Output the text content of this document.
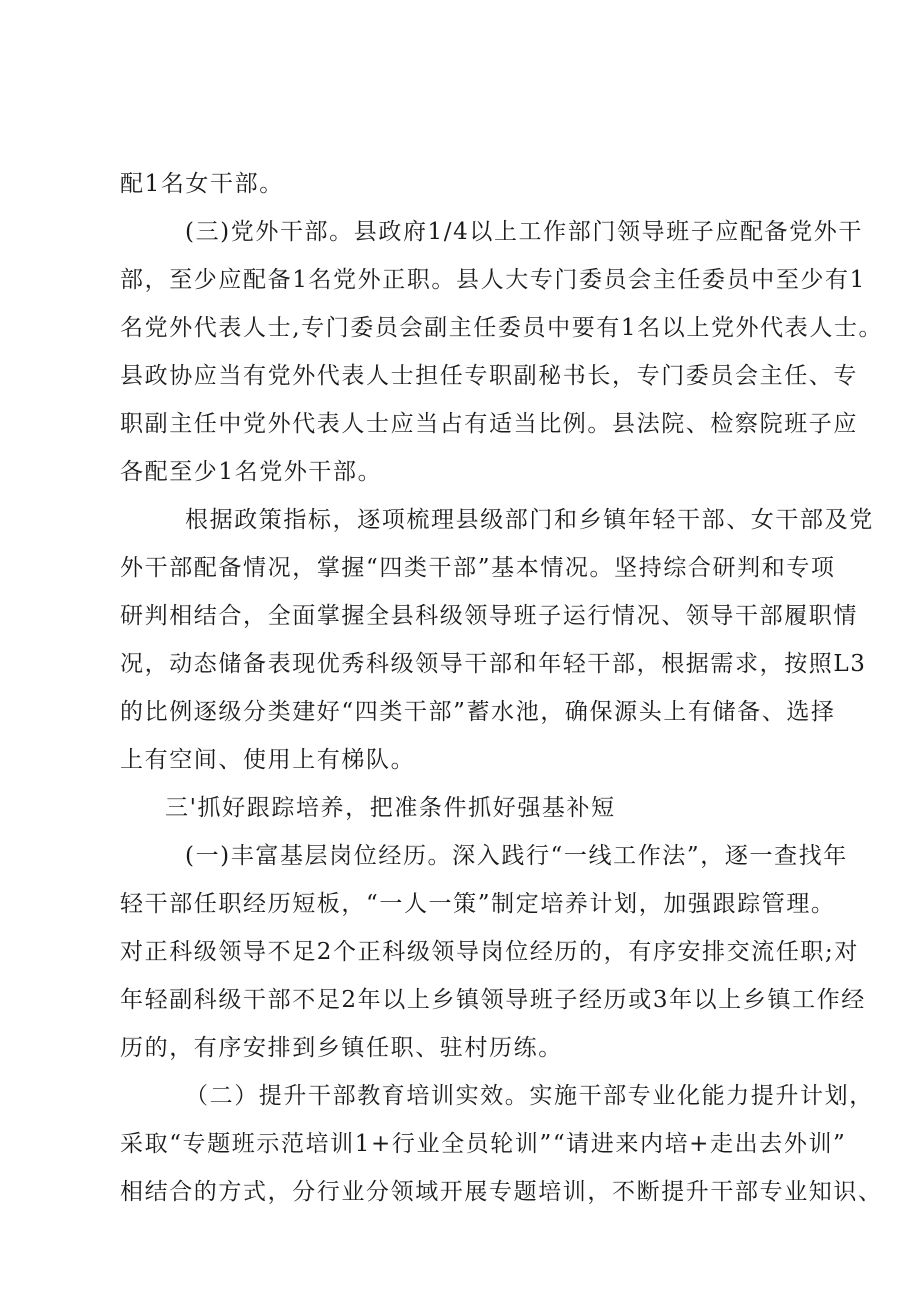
配1名女干部。
(三)党外干部。县政府1/4以上工作部门领导班子应配备党外干
部，至少应配备1名党外正职。县人大专门委员会主任委员中至少有1
名党外代表人士,专门委员会副主任委员中要有1名以上党外代表人士。
县政协应当有党外代表人士担任专职副秘书长，专门委员会主任、专
职副主任中党外代表人士应当占有适当比例。县法院、检察院班子应
各配至少1名党外干部。
根据政策指标，逐项梳理县级部门和乡镇年轻干部、女干部及党
外干部配备情况，掌握“四类干部”基本情况。坚持综合研判和专项
研判相结合，全面掌握全县科级领导班子运行情况、领导干部履职情
况，动态储备表现优秀科级领导干部和年轻干部，根据需求，按照L3
的比例逐级分类建好“四类干部”蓄水池，确保源头上有储备、选择
上有空间、使用上有梯队。
三'抓好跟踪培养，把准条件抓好强基补短
(一)丰富基层岗位经历。深入践行“一线工作法”，逐一查找年
轻干部任职经历短板，“一人一策”制定培养计划，加强跟踪管理。
对正科级领导不足2个正科级领导岗位经历的，有序安排交流任职;对
年轻副科级干部不足2年以上乡镇领导班子经历或3年以上乡镇工作经
历的，有序安排到乡镇任职、驻村历练。
（二）提升干部教育培训实效。实施干部专业化能力提升计划，
采取“专题班示范培训1+行业全员轮训”“请进来内培+走出去外训”
相结合的方式，分行业分领域开展专题培训，不断提升干部专业知识、
